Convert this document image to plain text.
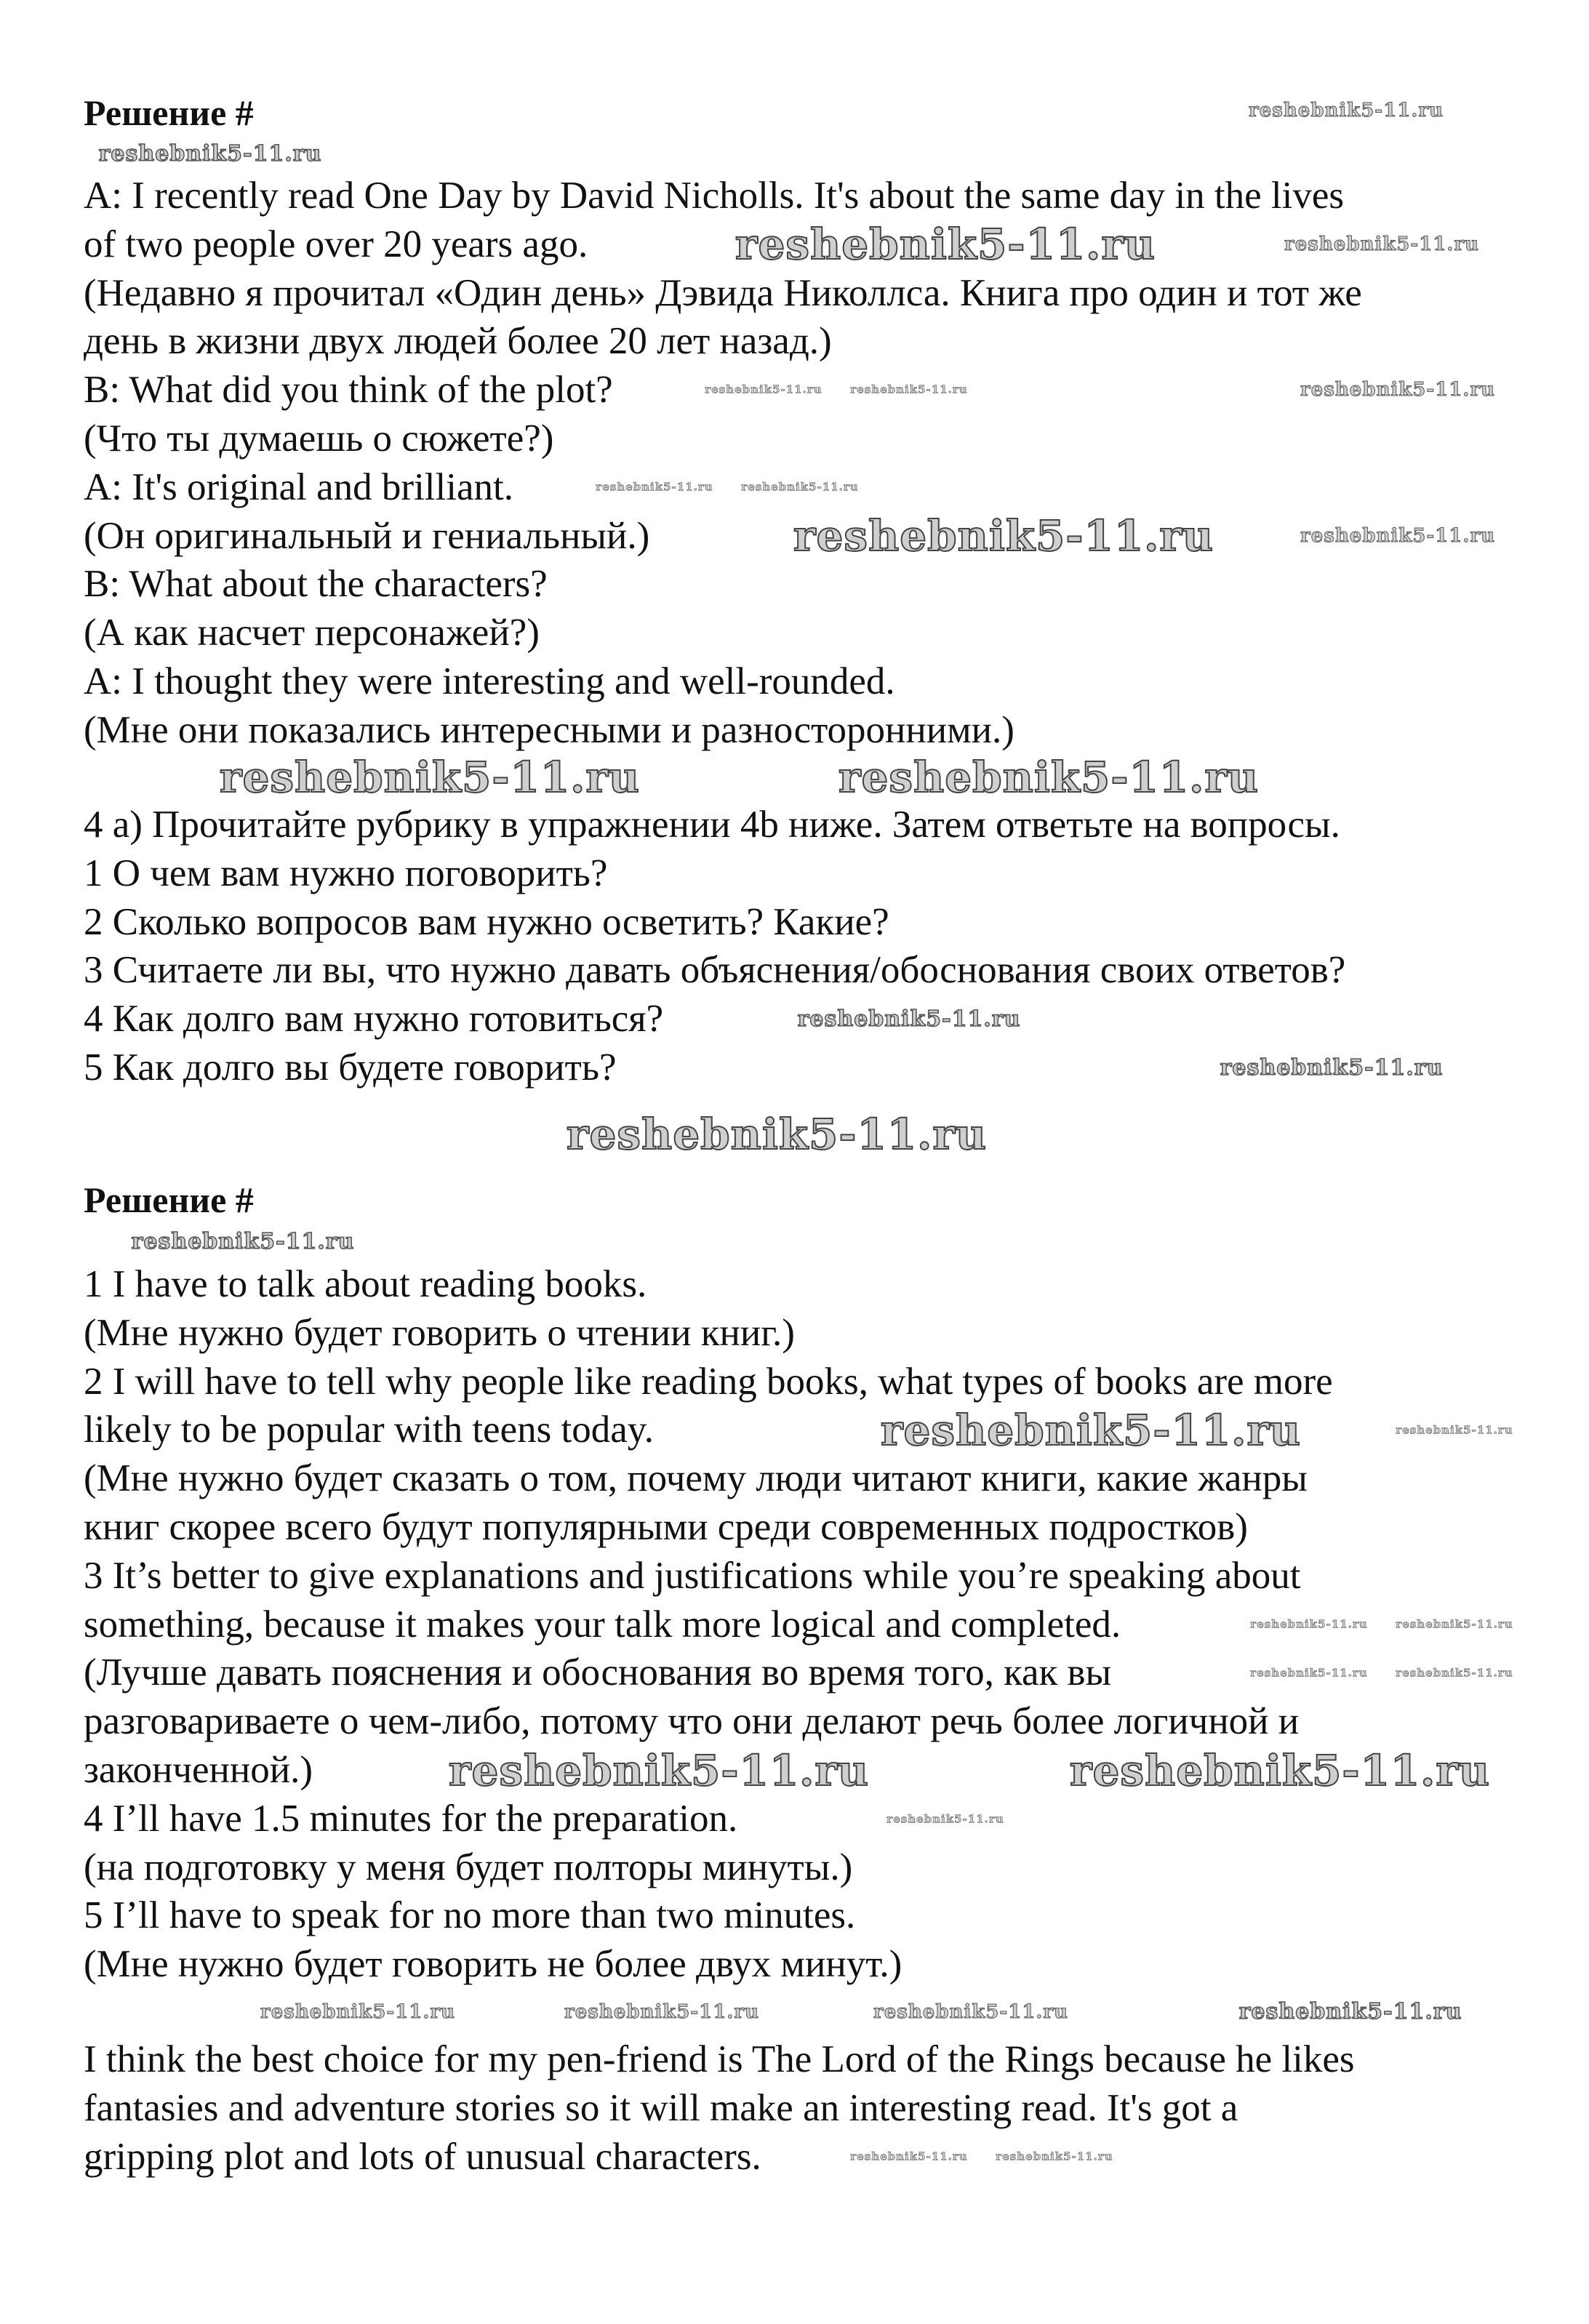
Решение #
A: I recently read One Day by David Nicholls. It's about the same day in the lives
of two people over 20 years ago.
(Недавно я прочитал «Один день» Дэвида Николлса. Книга про один и тот же
день в жизни двух людей более 20 лет назад.)
B: What did you think of the plot?
(Что ты думаешь о сюжете?)
A: It's original and brilliant.
(Он оригинальный и гениальный.)
B: What about the characters?
(А как насчет персонажей?)
A: I thought they were interesting and well-rounded.
(Мне они показались интересными и разносторонними.)
4 a) Прочитайте рубрику в упражнении 4b ниже. Затем ответьте на вопросы.
1 О чем вам нужно поговорить?
2 Сколько вопросов вам нужно осветить? Какие?
3 Считаете ли вы, что нужно давать объяснения/обоснования своих ответов?
4 Как долго вам нужно готовиться?
5 Как долго вы будете говорить?
Решение #
1 I have to talk about reading books.
(Мне нужно будет говорить о чтении книг.)
2 I will have to tell why people like reading books, what types of books are more
likely to be popular with teens today.
(Мне нужно будет сказать о том, почему люди читают книги, какие жанры
книг скорее всего будут популярными среди современных подростков)
3 It’s better to give explanations and justifications while you’re speaking about
something, because it makes your talk more logical and completed.
(Лучше давать пояснения и обоснования во время того, как вы
разговариваете о чем-либо, потому что они делают речь более логичной и
законченной.)
4 I’ll have 1.5 minutes for the preparation.
(на подготовку у меня будет полторы минуты.)
5 I’ll have to speak for no more than two minutes.
(Мне нужно будет говорить не более двух минут.)
I think the best choice for my pen-friend is The Lord of the Rings because he likes
fantasies and adventure stories so it will make an interesting read. It's got a
gripping plot and lots of unusual characters.
reshebnik5-11.ru
reshebnik5-11.ru
reshebnik5-11.ru	reshebnik5-11.ru
reshebnik5-11.ru	reshebnik5-11.ru	reshebnik5-11.ru
reshebnik5-11.ru	reshebnik5-11.ru
reshebnik5-11.ru	reshebnik5-11.ru
reshebnik5-11.ru	reshebnik5-11.ru
reshebnik5-11.ru
reshebnik5-11.ru
reshebnik5-11.ru
reshebnik5-11.ru
reshebnik5-11.ru	reshebnik5-11.ru
reshebnik5-11.ru
reshebnik5-11.ru
reshebnik5-11.ru
reshebnik5-11.ru
reshebnik5-11.ru	reshebnik5-11.ru
reshebnik5-11.ru
reshebnik5-11.ru	reshebnik5-11.ru	reshebnik5-11.ru	reshebnik5-11.ru
reshebnik5-11.ru	reshebnik5-11.ru
